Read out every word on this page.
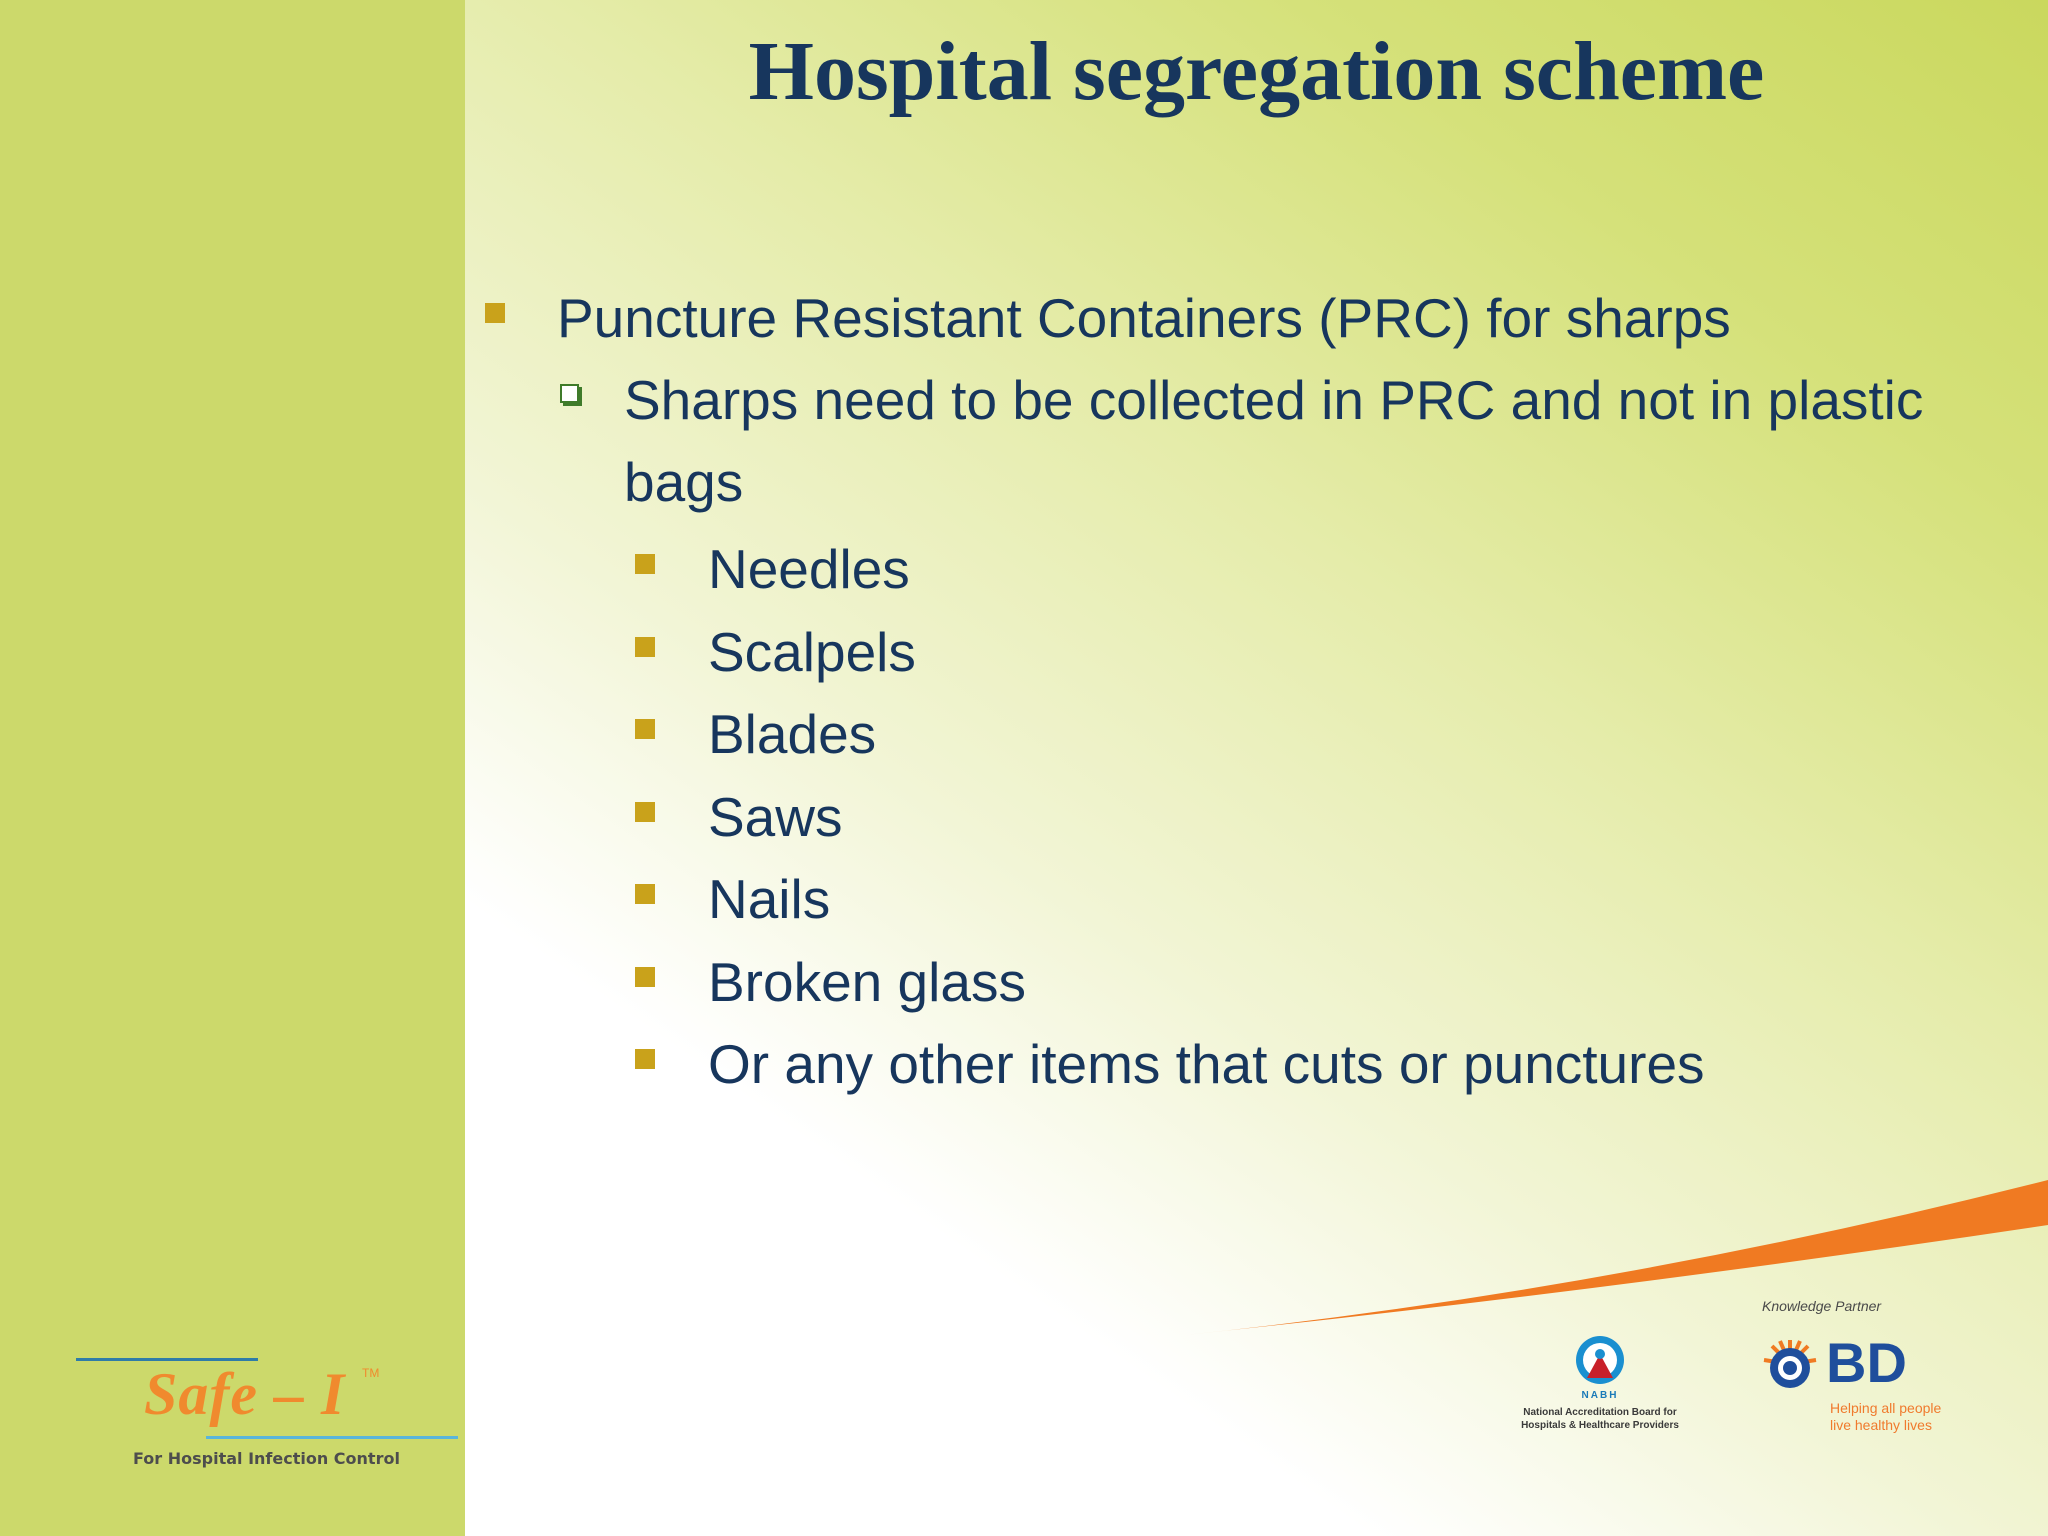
Hospital segregation scheme
Puncture Resistant Containers (PRC) for sharps
Sharps need to be collected in PRC and not in plastic bags
Needles
Scalpels
Blades
Saws
Nails
Broken glass
Or any other items that cuts or punctures
Safe – I TM
For Hospital Infection Control
NABH
National Accreditation Board for
Hospitals & Healthcare Providers
Knowledge Partner
BD
Helping all people
live healthy lives
